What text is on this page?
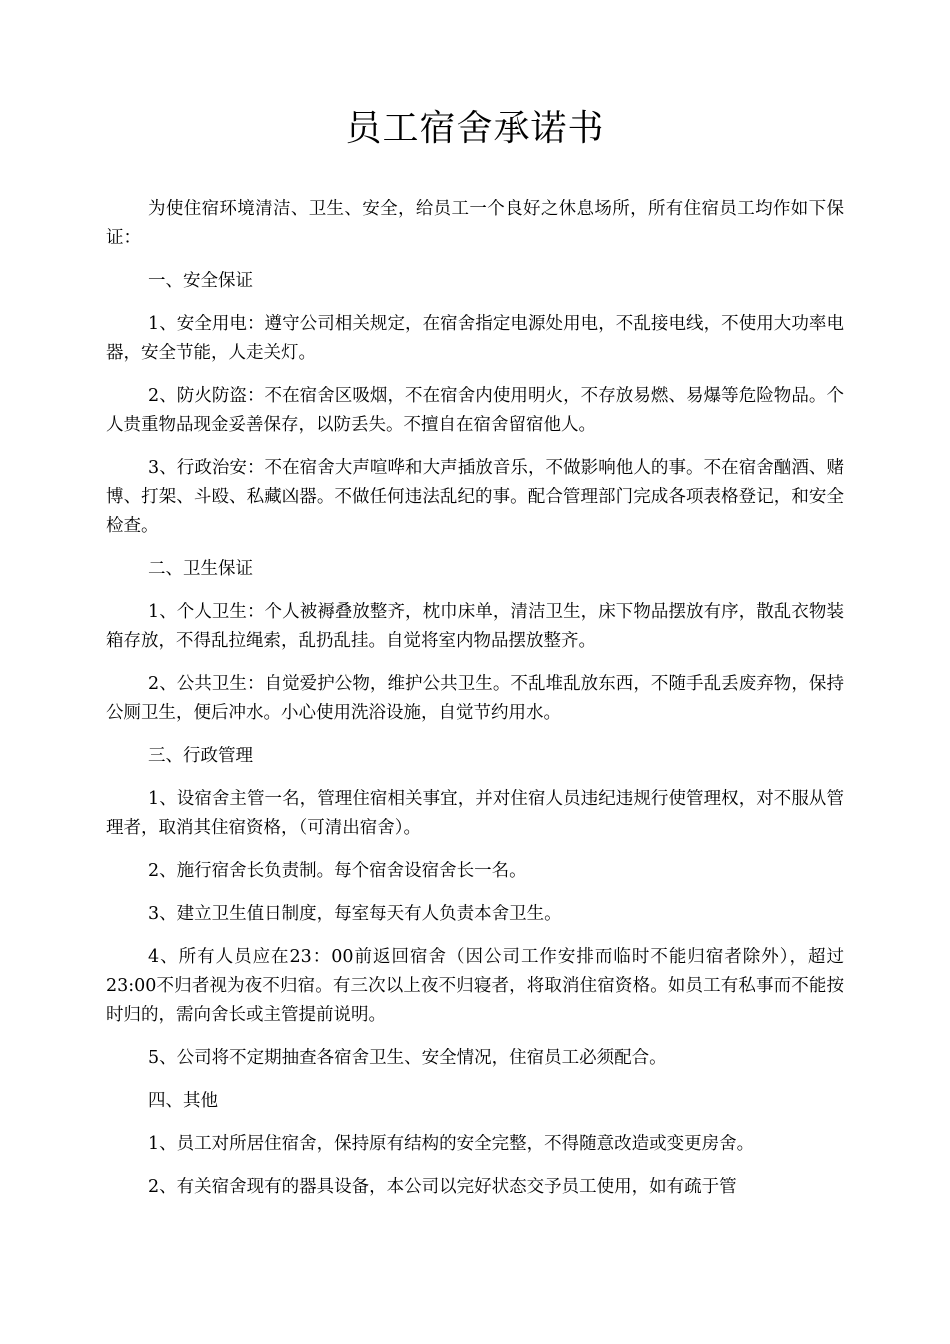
员工宿舍承诺书

为使住宿环境清洁、卫生、安全，给员工一个良好之休息场所，所有住宿员工均作如下保证：

一、安全保证

1、安全用电：遵守公司相关规定，在宿舍指定电源处用电，不乱接电线，不使用大功率电器，安全节能，人走关灯。

2、防火防盗：不在宿舍区吸烟，不在宿舍内使用明火，不存放易燃、易爆等危险物品。个人贵重物品现金妥善保存，以防丢失。不擅自在宿舍留宿他人。

3、行政治安：不在宿舍大声喧哗和大声插放音乐，不做影响他人的事。不在宿舍酗酒、赌博、打架、斗殴、私藏凶器。不做任何违法乱纪的事。配合管理部门完成各项表格登记，和安全检查。

二、卫生保证

1、个人卫生：个人被褥叠放整齐，枕巾床单，清洁卫生，床下物品摆放有序，散乱衣物装箱存放，不得乱拉绳索，乱扔乱挂。自觉将室内物品摆放整齐。

2、公共卫生：自觉爱护公物，维护公共卫生。不乱堆乱放东西，不随手乱丢废弃物，保持公厕卫生，便后冲水。小心使用洗浴设施，自觉节约用水。

三、行政管理

1、设宿舍主管一名，管理住宿相关事宜，并对住宿人员违纪违规行使管理权，对不服从管理者，取消其住宿资格，（可清出宿舍）。

2、施行宿舍长负责制。每个宿舍设宿舍长一名。

3、建立卫生值日制度，每室每天有人负责本舍卫生。

4、所有人员应在23：00前返回宿舍（因公司工作安排而临时不能归宿者除外），超过23:00不归者视为夜不归宿。有三次以上夜不归寝者，将取消住宿资格。如员工有私事而不能按时归的，需向舍长或主管提前说明。

5、公司将不定期抽查各宿舍卫生、安全情况，住宿员工必须配合。

四、其他

1、员工对所居住宿舍，保持原有结构的安全完整，不得随意改造或变更房舍。

2、有关宿舍现有的器具设备，本公司以完好状态交予员工使用，如有疏于管
